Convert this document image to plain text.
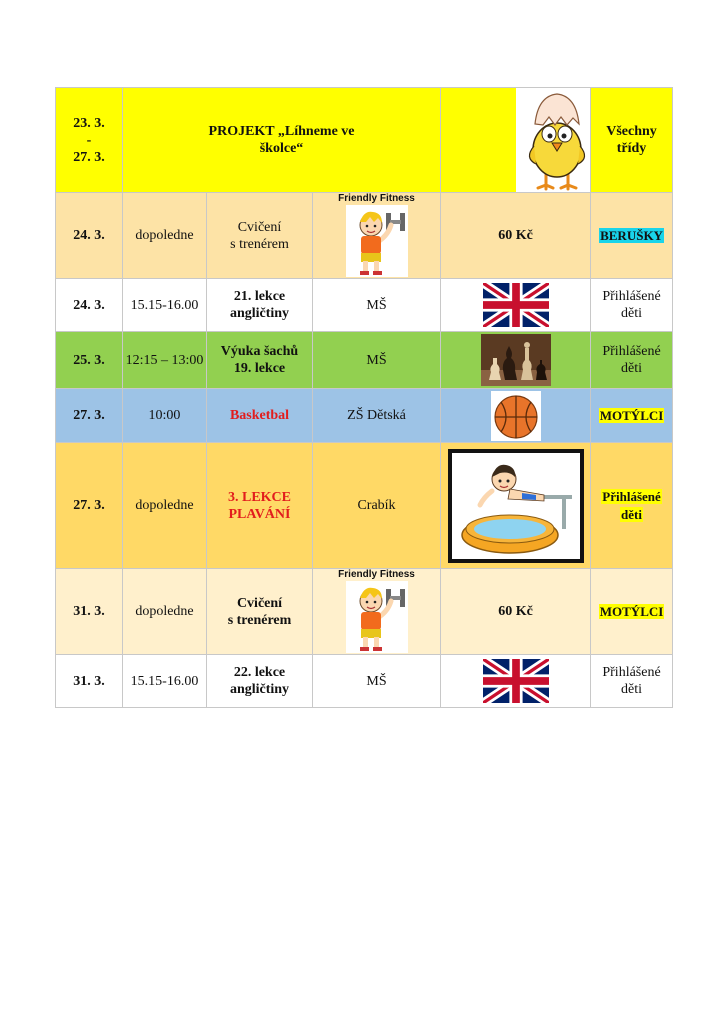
23. 3.
-
27. 3.	PROJEKT „Líhneme ve
školce“				Všechny
třídy
24. 3.	dopoledne	Cvičení
s trenérem	Friendly Fitness	60 Kč	BERUŠKY
24. 3.	15.15-16.00	21. lekce
angličtiny	MŠ		Přihlášené
děti
25. 3.	12:15 – 13:00	Výuka šachů
19. lekce	MŠ		Přihlášené
děti
27. 3.	10:00	Basketbal	ZŠ Dětská		MOTÝLCI
27. 3.	dopoledne	3. LEKCE
PLAVÁNÍ	Crabík		Přihlášené
děti
31. 3.	dopoledne	Cvičení
s trenérem	Friendly Fitness	60 Kč	MOTÝLCI
31. 3.	15.15-16.00	22. lekce
angličtiny	MŠ		Přihlášené
děti
